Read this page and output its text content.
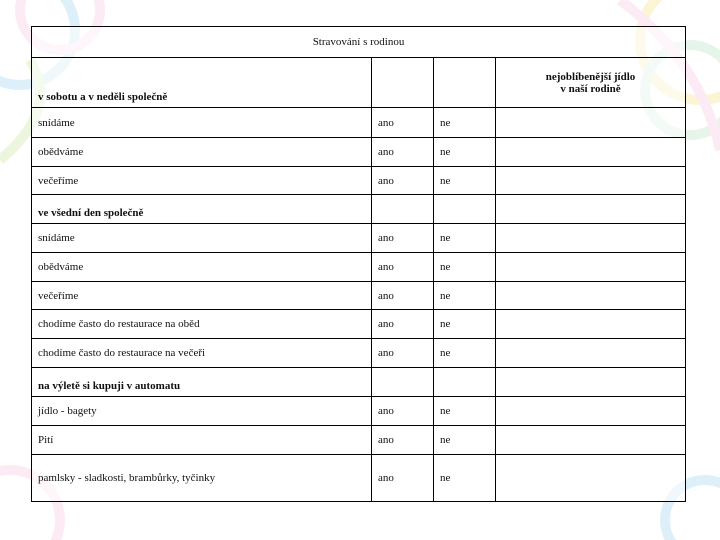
Stravování s rodinou			
v sobotu a v neděli společně			nejoblíbenější jídlo
v naší rodině
snídáme	ano	ne	
obědváme	ano	ne	
večeříme	ano	ne	
ve všední den společně			
snídáme	ano	ne	
obědváme	ano	ne	
večeříme	ano	ne	
chodíme často do restaurace na oběd	ano	ne	
chodíme často do restaurace na večeři	ano	ne	
na výletě si kupuji v automatu			
jídlo - bagety	ano	ne	
Pití	ano	ne	
pamlsky - sladkosti, brambůrky, tyčinky	ano	ne	
